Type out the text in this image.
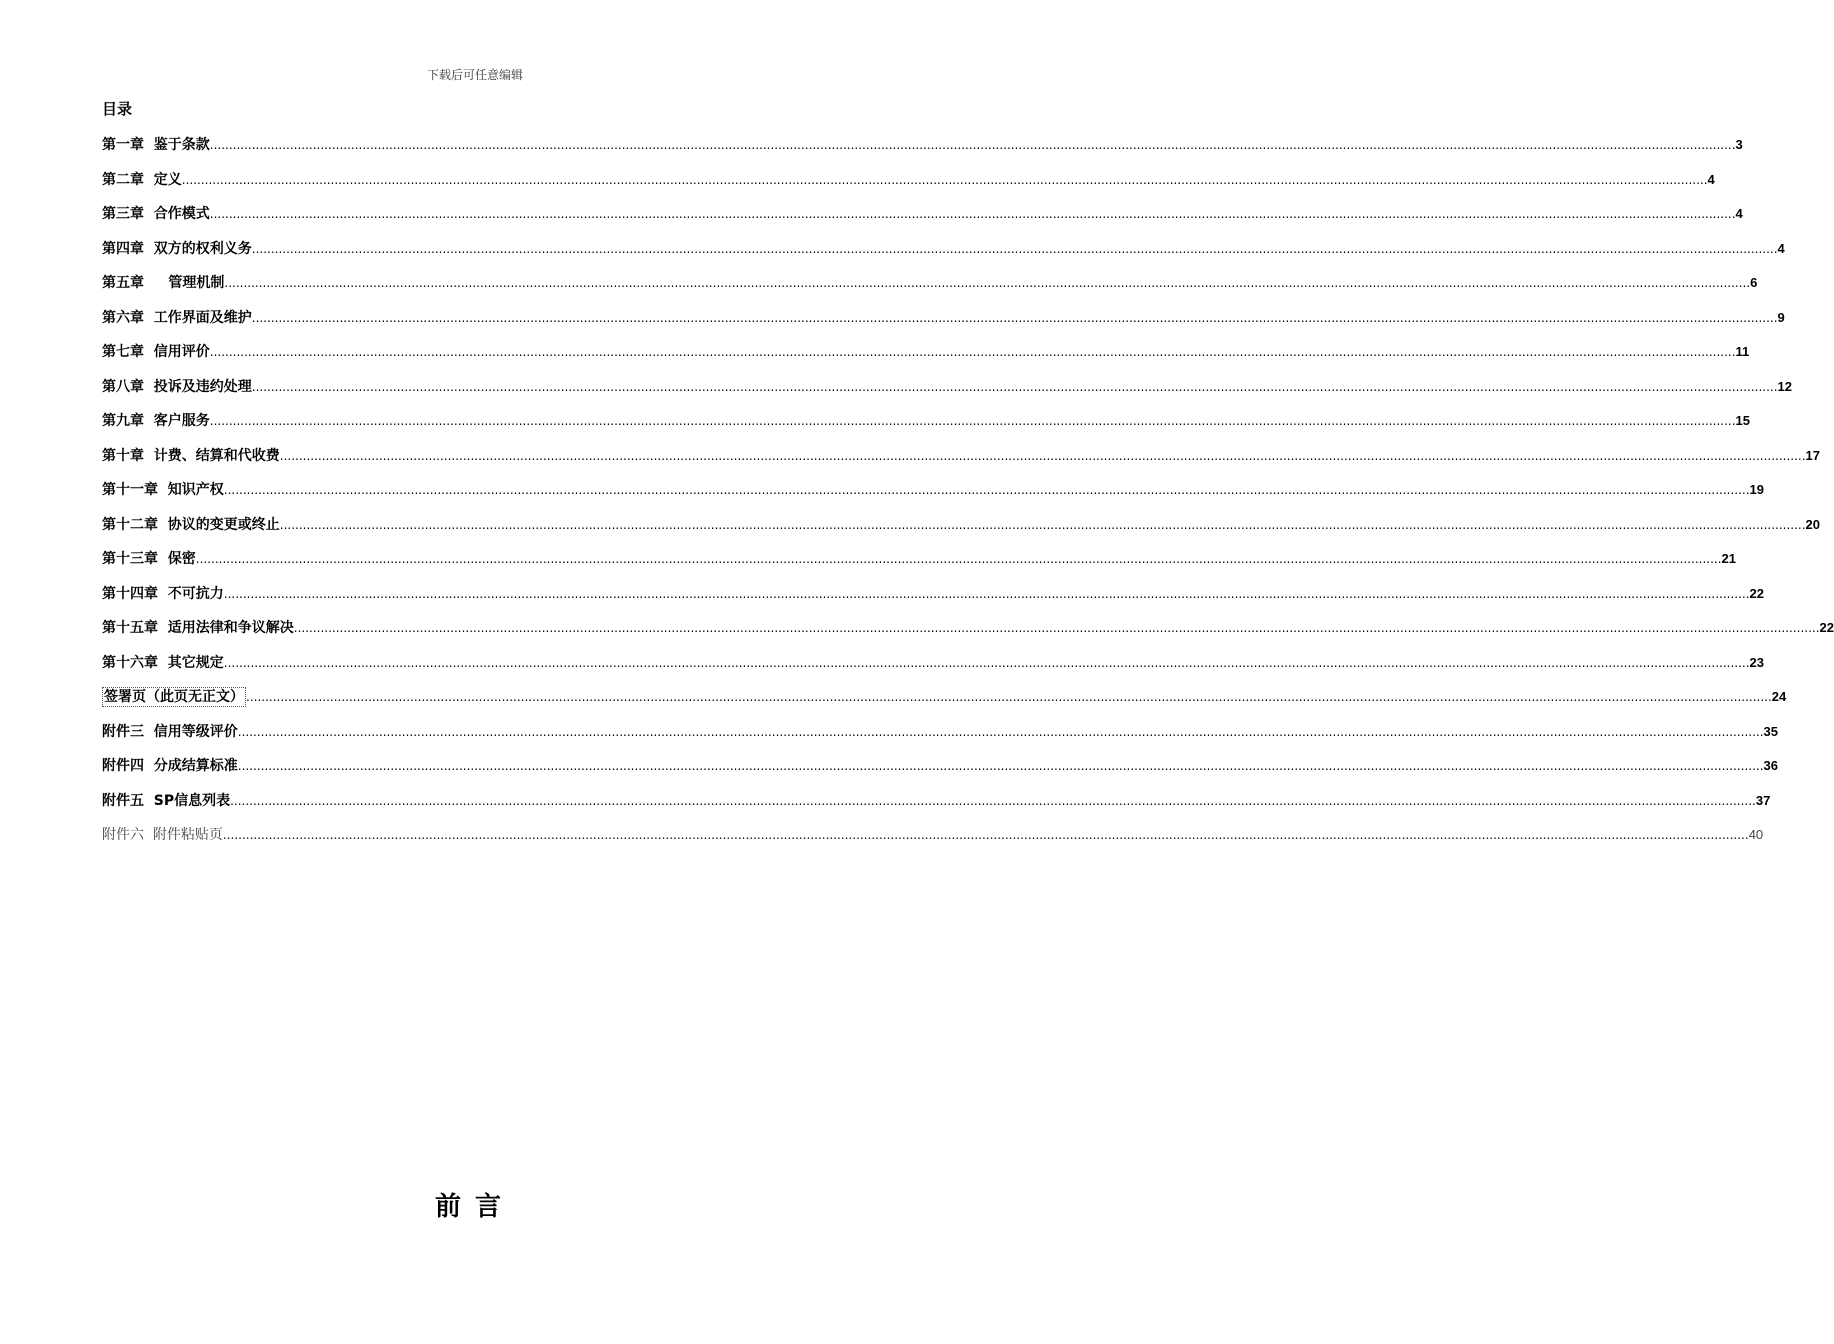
下载后可任意编辑
目录
第一章  鉴于条款 ................................................................................................................................................................................................................................................................................................................................................................................................................ 3
第二章  定义 ................................................................................................................................................................................................................................................................................................................................................................................................................ 4
第三章  合作模式 ................................................................................................................................................................................................................................................................................................................................................................................................................ 4
第四章  双方的权利义务 ................................................................................................................................................................................................................................................................................................................................................................................................................ 4
第五章     管理机制 ................................................................................................................................................................................................................................................................................................................................................................................................................ 6
第六章  工作界面及维护 ................................................................................................................................................................................................................................................................................................................................................................................................................ 9
第七章  信用评价 ................................................................................................................................................................................................................................................................................................................................................................................................................ 11
第八章  投诉及违约处理 ................................................................................................................................................................................................................................................................................................................................................................................................................ 12
第九章  客户服务 ................................................................................................................................................................................................................................................................................................................................................................................................................ 15
第十章  计费、结算和代收费 ................................................................................................................................................................................................................................................................................................................................................................................................................ 17
第十一章  知识产权 ................................................................................................................................................................................................................................................................................................................................................................................................................ 19
第十二章  协议的变更或终止 ................................................................................................................................................................................................................................................................................................................................................................................................................ 20
第十三章  保密 ................................................................................................................................................................................................................................................................................................................................................................................................................ 21
第十四章  不可抗力 ................................................................................................................................................................................................................................................................................................................................................................................................................ 22
第十五章  适用法律和争议解决 ................................................................................................................................................................................................................................................................................................................................................................................................................ 22
第十六章  其它规定 ................................................................................................................................................................................................................................................................................................................................................................................................................ 23
签署页（此页无正文） ................................................................................................................................................................................................................................................................................................................................................................................................................ 24
附件三  信用等级评价 ................................................................................................................................................................................................................................................................................................................................................................................................................ 35
附件四  分成结算标准 ................................................................................................................................................................................................................................................................................................................................................................................................................ 36
附件五  SP信息列表 ................................................................................................................................................................................................................................................................................................................................................................................................................ 37
附件六  附件粘贴页 ................................................................................................................................................................................................................................................................................................................................................................................................................ 40
前言
